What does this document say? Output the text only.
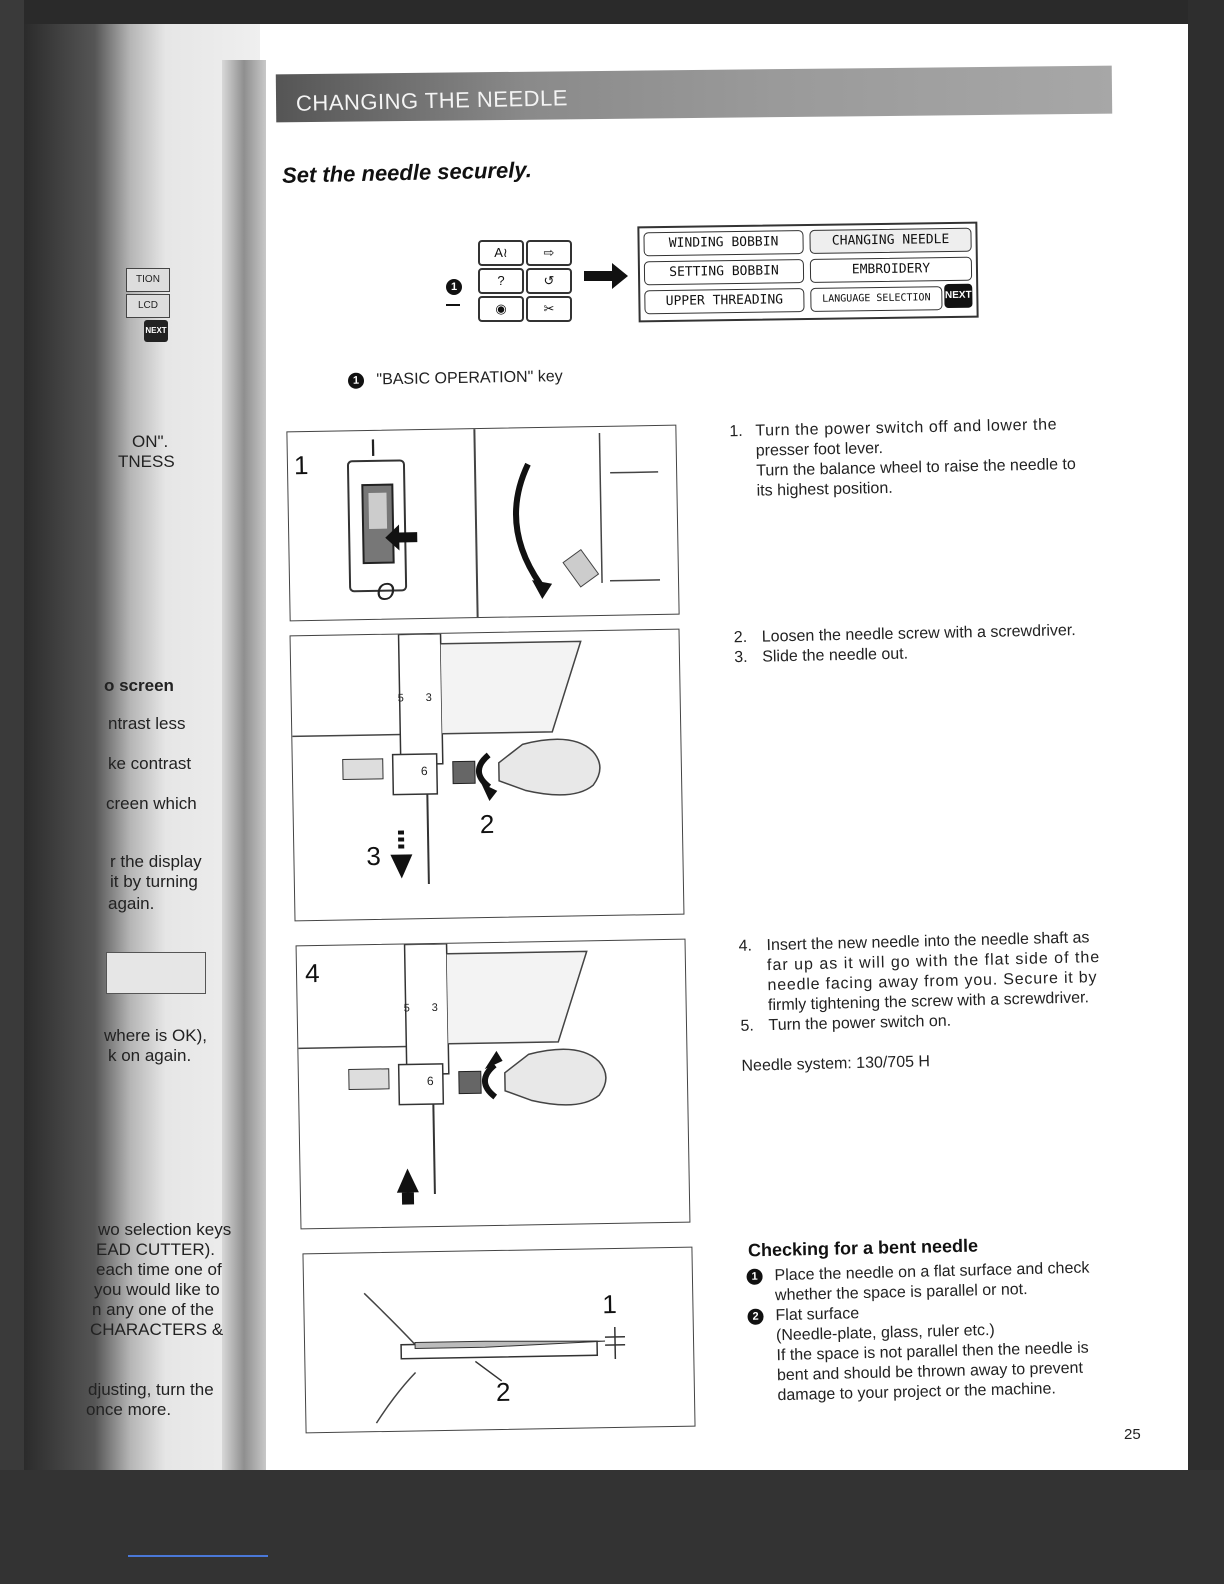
TION
LCD
NEXT
ON".
TNESS
o screen
ntrast less
ke contrast
creen which
r the display
it by turning
again.
where is OK),
k on again.
wo selection keys
EAD CUTTER).
each time one of
you would like to
n any one of the
CHARACTERS &
djusting, turn the
once more.
CHANGING THE NEEDLE
Set the needle securely.
1
A≀	⇨
?	↺
◉	✂
WINDING BOBBIN	CHANGING NEEDLE
SETTING BOBBIN	EMBROIDERY
UPPER THREADING	LANGUAGE SELECTION	NEXT
1 "BASIC OPERATION" key
1
I
O
5 3
6
2
3
4
5 3
6
1
2
1. Turn the power switch off and lower the
presser foot lever.
Turn the balance wheel to raise the needle to
its highest position.
2. Loosen the needle screw with a screwdriver.
3. Slide the needle out.
4. Insert the new needle into the needle shaft as
far up as it will go with the flat side of the
needle facing away from you. Secure it by
firmly tightening the screw with a screwdriver.
5. Turn the power switch on.
Needle system: 130/705 H
Checking for a bent needle
1	Place the needle on a flat surface and check
whether the space is parallel or not.
2	Flat surface
(Needle-plate, glass, ruler etc.)
If the space is not parallel then the needle is
bent and should be thrown away to prevent
damage to your project or the machine.
25
